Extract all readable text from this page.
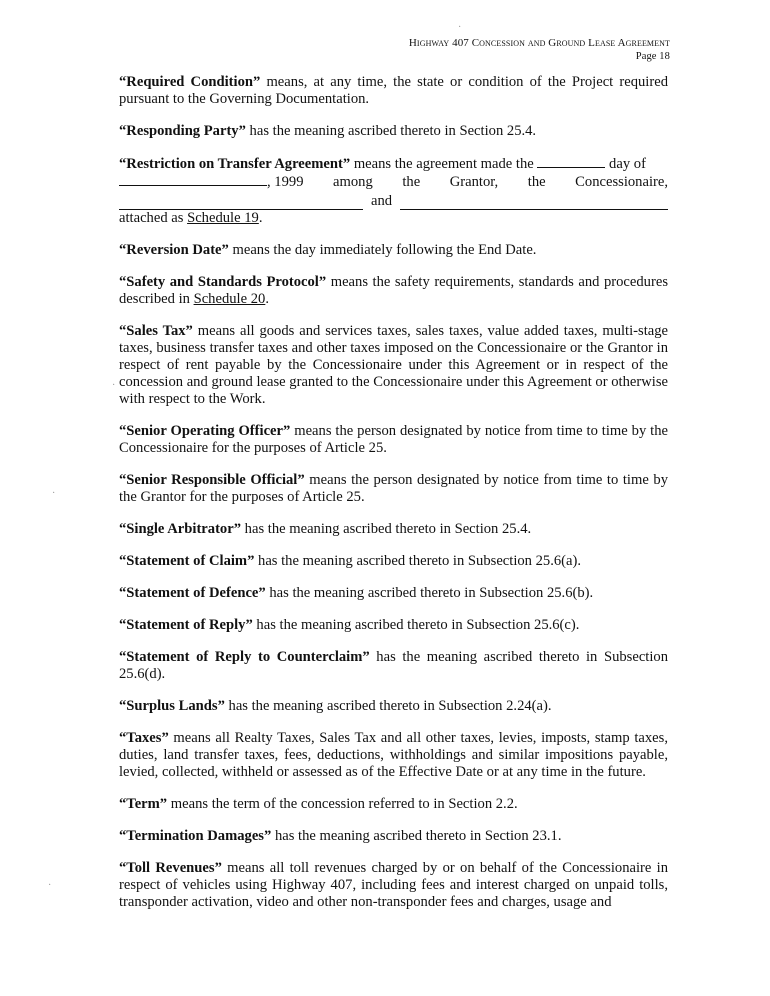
Highway 407 Concession and Ground Lease Agreement
Page 18

“Required Condition” means, at any time, the state or condition of the Project required pursuant to the Governing Documentation.

“Responding Party” has the meaning ascribed thereto in Section 25.4.

“Restriction on Transfer Agreement” means the agreement made the	day of
, 1999 among the Grantor, the Concessionaire,
and
attached as Schedule 19.

“Reversion Date” means the day immediately following the End Date.

“Safety and Standards Protocol” means the safety requirements, standards and procedures described in Schedule 20.

“Sales Tax” means all goods and services taxes, sales taxes, value added taxes, multi-stage taxes, business transfer taxes and other taxes imposed on the Concessionaire or the Grantor in respect of rent payable by the Concessionaire under this Agreement or in respect of the concession and ground lease granted to the Concessionaire under this Agreement or otherwise with respect to the Work.

“Senior Operating Officer” means the person designated by notice from time to time by the Concessionaire for the purposes of Article 25.

“Senior Responsible Official” means the person designated by notice from time to time by the Grantor for the purposes of Article 25.

“Single Arbitrator” has the meaning ascribed thereto in Section 25.4.

“Statement of Claim” has the meaning ascribed thereto in Subsection 25.6(a).

“Statement of Defence” has the meaning ascribed thereto in Subsection 25.6(b).

“Statement of Reply” has the meaning ascribed thereto in Subsection 25.6(c).

“Statement of Reply to Counterclaim” has the meaning ascribed thereto in Subsection 25.6(d).

“Surplus Lands” has the meaning ascribed thereto in Subsection 2.24(a).

“Taxes” means all Realty Taxes, Sales Tax and all other taxes, levies, imposts, stamp taxes, duties, land transfer taxes, fees, deductions, withholdings and similar impositions payable, levied, collected, withheld or assessed as of the Effective Date or at any time in the future.

“Term” means the term of the concession referred to in Section 2.2.

“Termination Damages” has the meaning ascribed thereto in Section 23.1.

“Toll Revenues” means all toll revenues charged by or on behalf of the Concessionaire in respect of vehicles using Highway 407, including fees and interest charged on unpaid tolls, transponder activation, video and other non-transponder fees and charges, usage and

·
·
·
·
